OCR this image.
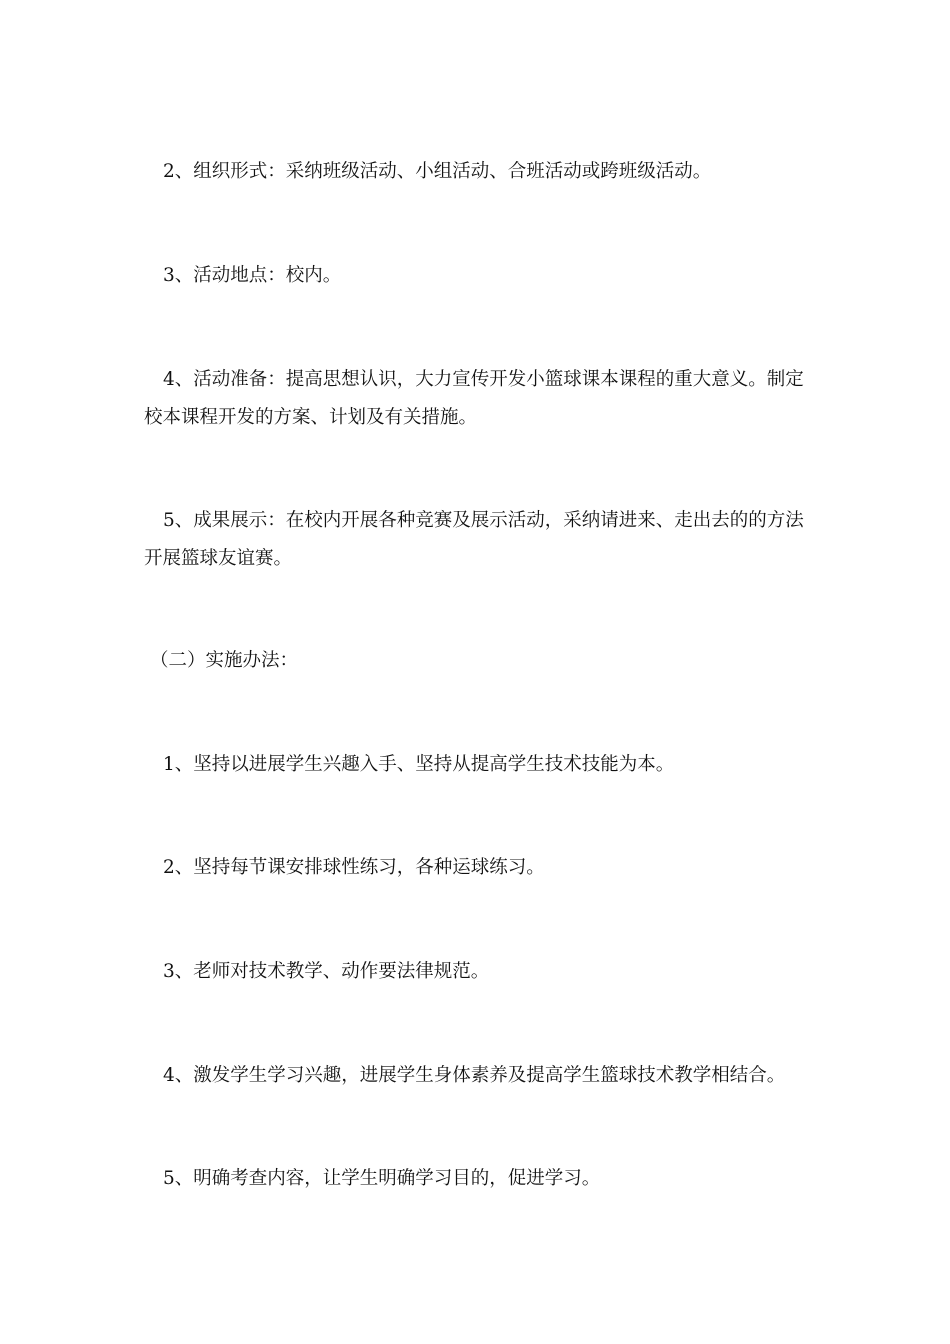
2、组织形式：采纳班级活动、小组活动、合班活动或跨班级活动。

3、活动地点：校内。

4、活动准备：提高思想认识，大力宣传开发小篮球课本课程的重大意义。制定校本课程开发的方案、计划及有关措施。

5、成果展示：在校内开展各种竞赛及展示活动，采纳请进来、走出去的的方法开展篮球友谊赛。

（二）实施办法：

1、坚持以进展学生兴趣入手、坚持从提高学生技术技能为本。

2、坚持每节课安排球性练习，各种运球练习。

3、老师对技术教学、动作要法律规范。

4、激发学生学习兴趣，进展学生身体素养及提高学生篮球技术教学相结合。

5、明确考查内容，让学生明确学习目的，促进学习。
